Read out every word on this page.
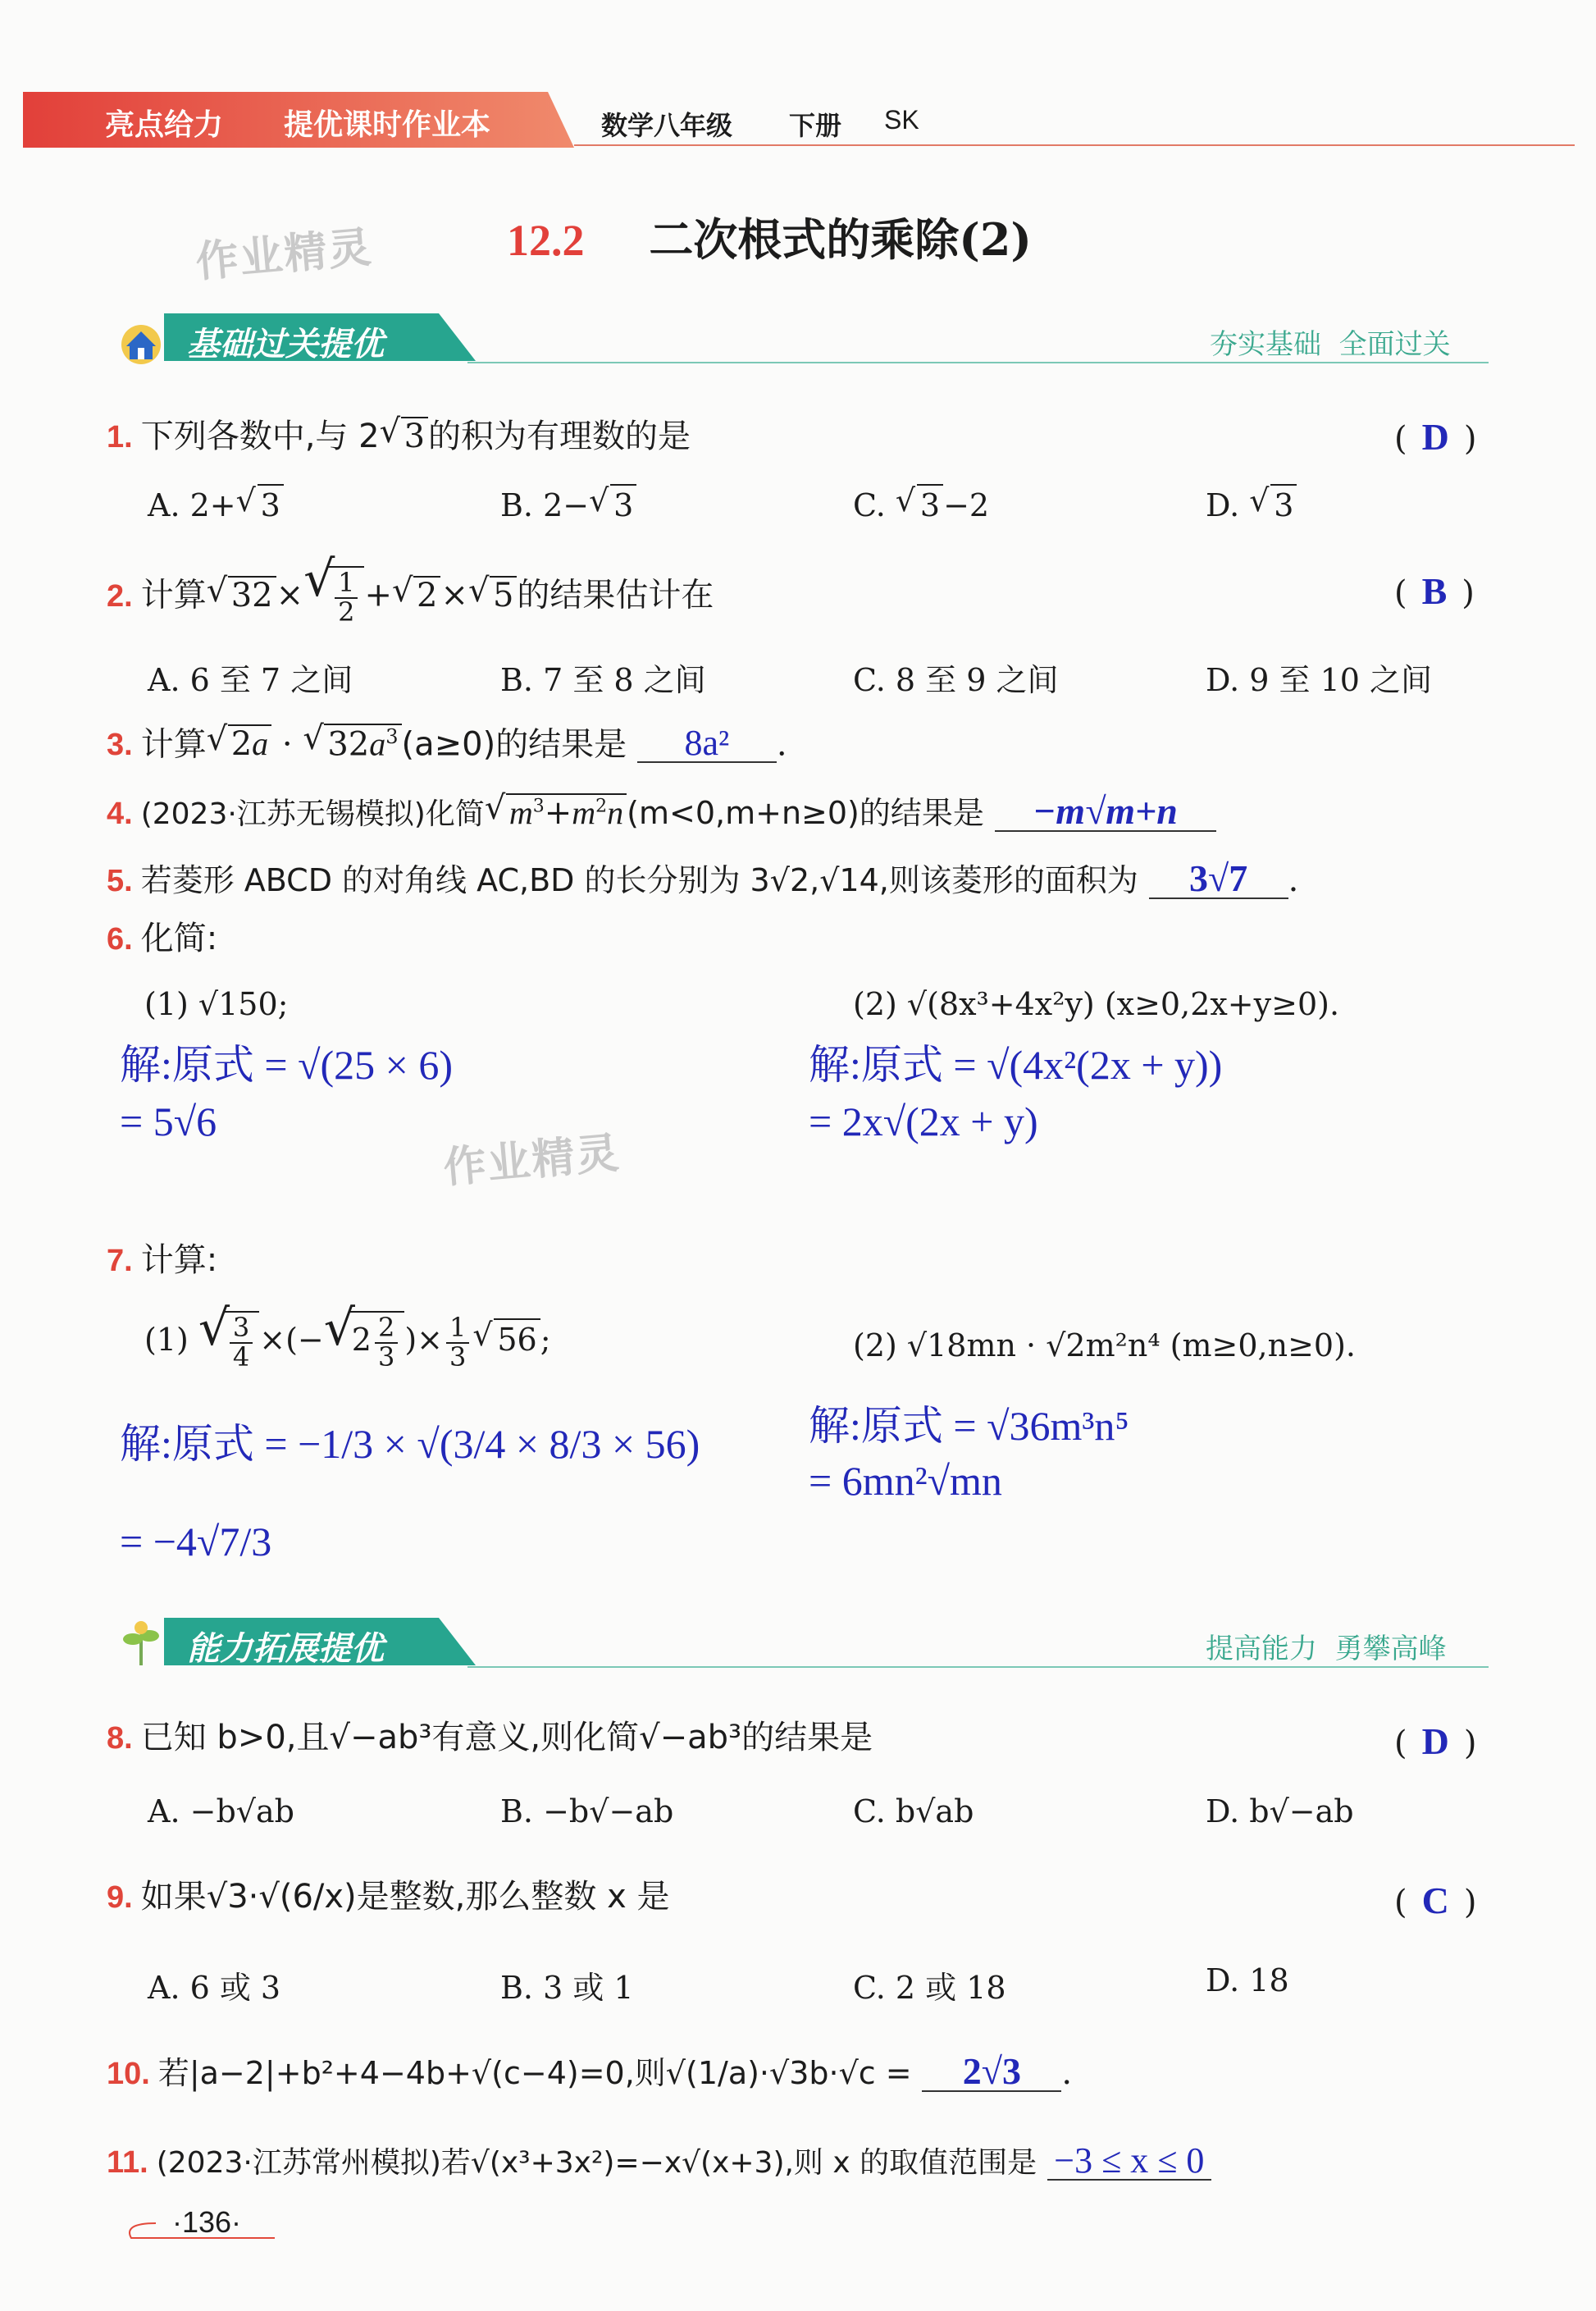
亮点给力 提优课时作业本	数学八年级 下册 SK
12.2 二次根式的乘除(2)
作业精灵
作业精灵
基础过关提优	夯实基础  全面过关
1. 下列各数中,与 2 √ 3 的积为有理数的是	( D )
A. 2+ √ 3	B. 2− √ 3	C. √ 3 −2	D. √ 3
2. 计算 √ 32 × √ $\frac{1}{2}$ + √ 2 × √ 5 的结果估计在	( B )
A. 6 至 7 之间	B. 7 至 8 之间	C. 8 至 9 之间	D. 9 至 10 之间
3. 计算 √ 2a · √ $32a^3$ (a≥0)的结果是 8a² .
4. (2023·江苏无锡模拟)化简 √ $m^3+m^2n$ (m<0,m+n≥0)的结果是 −m√m+n
5. 若菱形 ABCD 的对角线 AC,BD 的长分别为 3√2,√14,则该菱形的面积为 3√7 .
6. 化简:
(1) √150;	(2) √(8x³+4x²y) (x≥0,2x+y≥0).
解:原式 = √(25 × 6)
= 5√6
解:原式 = √(4x²(2x + y))
= 2x√(2x + y)
7. 计算:
(1) √ $\frac{3}{4}$ ×(− √
$2 \frac{2}{3}$ )× $\frac{1}{3}$ √ 56 ;	(2) √18mn · √2m²n⁴ (m≥0,n≥0).
解:原式 = −1/3 × √(3/4 × 8/3 × 56)
= −4√7/3
解:原式 = √36m³n⁵
= 6mn²√mn
能力拓展提优	提高能力  勇攀高峰
8. 已知 b>0,且√−ab³有意义,则化简√−ab³的结果是	( D )
A. −b√ab	B. −b√−ab	C. b√ab	D. b√−ab
9. 如果√3·√(6/x)是整数,那么整数 x 是	( C )
A. 6 或 3	B. 3 或 1	C. 2 或 18	D. 18
10. 若|a−2|+b²+4−4b+√(c−4)=0,则√(1/a)·√3b·√c = 2√3 .
11. (2023·江苏常州模拟)若√(x³+3x²)=−x√(x+3),则 x 的取值范围是 −3 ≤ x ≤ 0
·136·
